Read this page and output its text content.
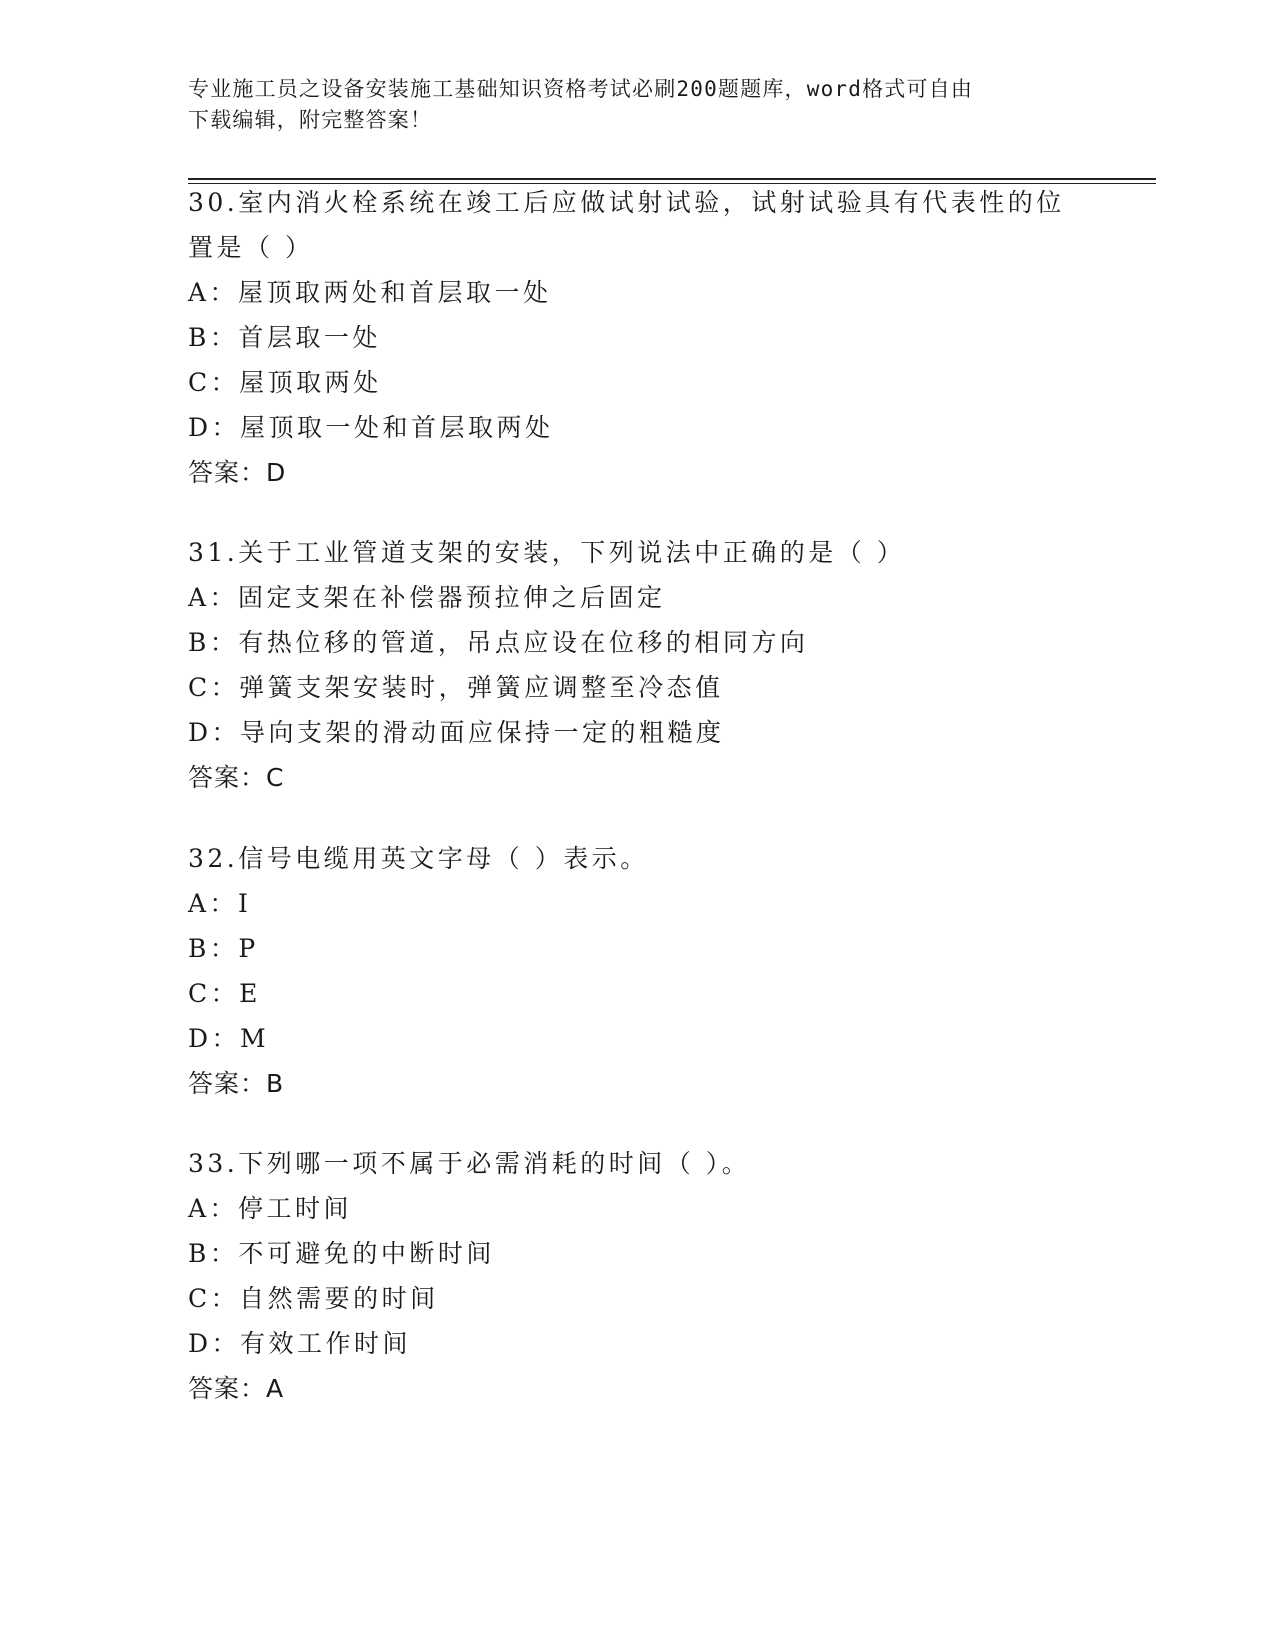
专业施工员之设备安装施工基础知识资格考试必刷200题题库，word格式可自由
下载编辑，附完整答案！

30.室内消火栓系统在竣工后应做试射试验，试射试验具有代表性的位

置是（ ）

A：屋顶取两处和首层取一处

B：首层取一处

C：屋顶取两处

D：屋顶取一处和首层取两处

答案：D

31.关于工业管道支架的安装，下列说法中正确的是（ ）

A：固定支架在补偿器预拉伸之后固定

B：有热位移的管道，吊点应设在位移的相同方向

C：弹簧支架安装时，弹簧应调整至冷态值

D：导向支架的滑动面应保持一定的粗糙度

答案：C

32.信号电缆用英文字母（ ）表示。

A：I

B：P

C：E

D：M

答案：B

33.下列哪一项不属于必需消耗的时间（ ）。

A：停工时间

B：不可避免的中断时间

C：自然需要的时间

D：有效工作时间

答案：A
